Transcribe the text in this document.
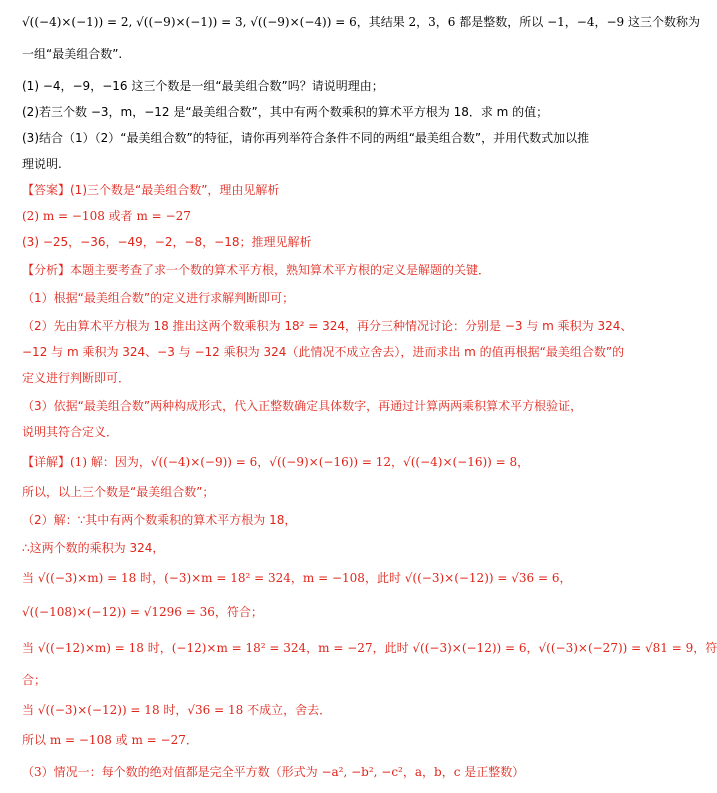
√((−4)×(−1)) = 2, √((−9)×(−1)) = 3, √((−9)×(−4)) = 6，其结果 2，3，6 都是整数，所以 −1，−4，−9 这三个数称为
一组“最美组合数”.
(1) −4，−9，−16 这三个数是一组“最美组合数”吗？请说明理由；
(2)若三个数 −3，m，−12 是“最美组合数”，其中有两个数乘积的算术平方根为 18．求 m 的值；
(3)结合（1）（2）“最美组合数”的特征，请你再列举符合条件不同的两组“最美组合数”，并用代数式加以推
理说明.
【答案】(1)三个数是“最美组合数”，理由见解析
(2) m = −108 或者 m = −27
(3) −25，−36，−49，−2，−8，−18；推理见解析
【分析】本题主要考查了求一个数的算术平方根，熟知算术平方根的定义是解题的关键．
（1）根据“最美组合数”的定义进行求解判断即可；
（2）先由算术平方根为 18 推出这两个数乘积为 18² = 324，再分三种情况讨论：分别是 −3 与 m 乘积为 324、
−12 与 m 乘积为 324、−3 与 −12 乘积为 324（此情况不成立舍去），进而求出 m 的值再根据“最美组合数”的
定义进行判断即可．
（3）依据“最美组合数”两种构成形式，代入正整数确定具体数字，再通过计算两两乘积算术平方根验证，
说明其符合定义．
【详解】(1) 解：因为，√((−4)×(−9)) = 6，√((−9)×(−16)) = 12，√((−4)×(−16)) = 8，
所以，以上三个数是“最美组合数”；
（2）解：∵其中有两个数乘积的算术平方根为 18，
∴这两个数的乘积为 324，
当 √((−3)×m) = 18 时，(−3)×m = 18² = 324，m = −108，此时 √((−3)×(−12)) = √36 = 6，
√((−108)×(−12)) = √1296 = 36，符合；
当 √((−12)×m) = 18 时，(−12)×m = 18² = 324，m = −27，此时 √((−3)×(−12)) = 6，√((−3)×(−27)) = √81 = 9，符
合；
当 √((−3)×(−12)) = 18 时，√36 = 18 不成立，舍去．
所以 m = −108 或 m = −27．
（3）情况一：每个数的绝对值都是完全平方数（形式为 −a², −b², −c²，a，b，c 是正整数）
